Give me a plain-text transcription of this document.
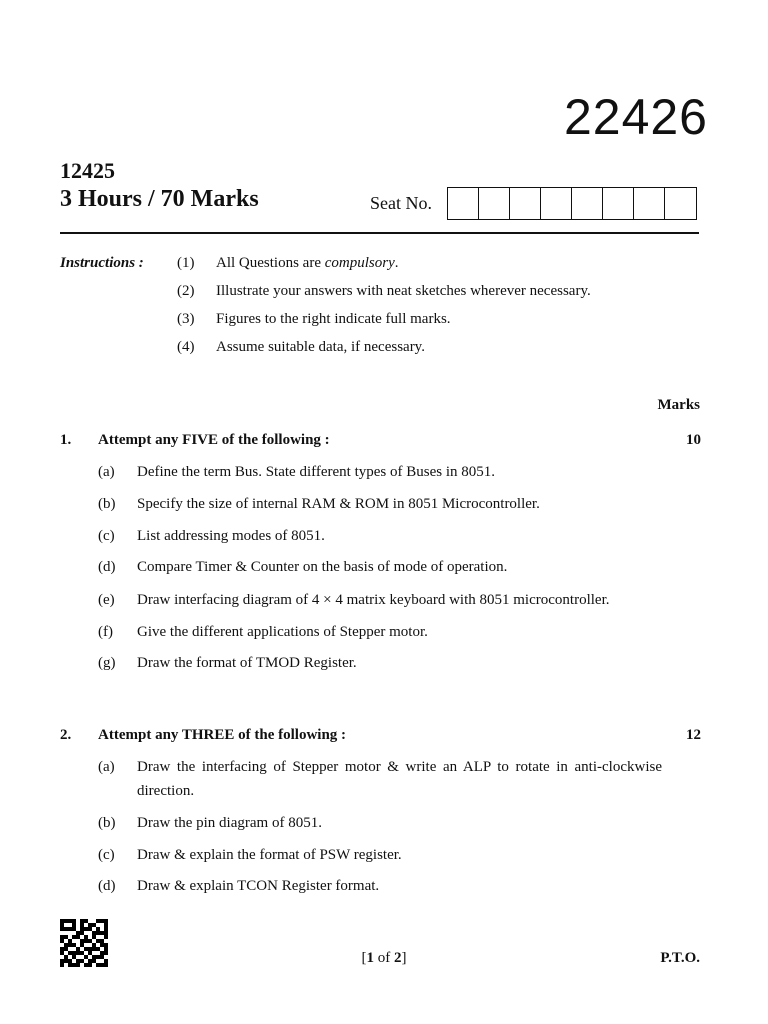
22426
12425
3 Hours / 70 Marks	Seat No.
Instructions : (1)	All Questions are compulsory.
(2)	Illustrate your answers with neat sketches wherever necessary.
(3)	Figures to the right indicate full marks.
(4)	Assume suitable data, if necessary.
Marks
1.	Attempt any FIVE of the following :	10
(a)	Define the term Bus. State different types of Buses in 8051.
(b)	Specify the size of internal RAM & ROM in 8051 Microcontroller.
(c)	List addressing modes of 8051.
(d)	Compare Timer & Counter on the basis of mode of operation.
(e)	Draw interfacing diagram of 4 × 4 matrix keyboard with 8051 microcontroller.
(f)	Give the different applications of Stepper motor.
(g)	Draw the format of TMOD Register.
2.	Attempt any THREE of the following :	12
(a)	Draw the interfacing of Stepper motor & write an ALP to rotate in anti-clockwise direction.
(b)	Draw the pin diagram of 8051.
(c)	Draw & explain the format of PSW register.
(d)	Draw & explain TCON Register format.
[1 of 2]	P.T.O.
